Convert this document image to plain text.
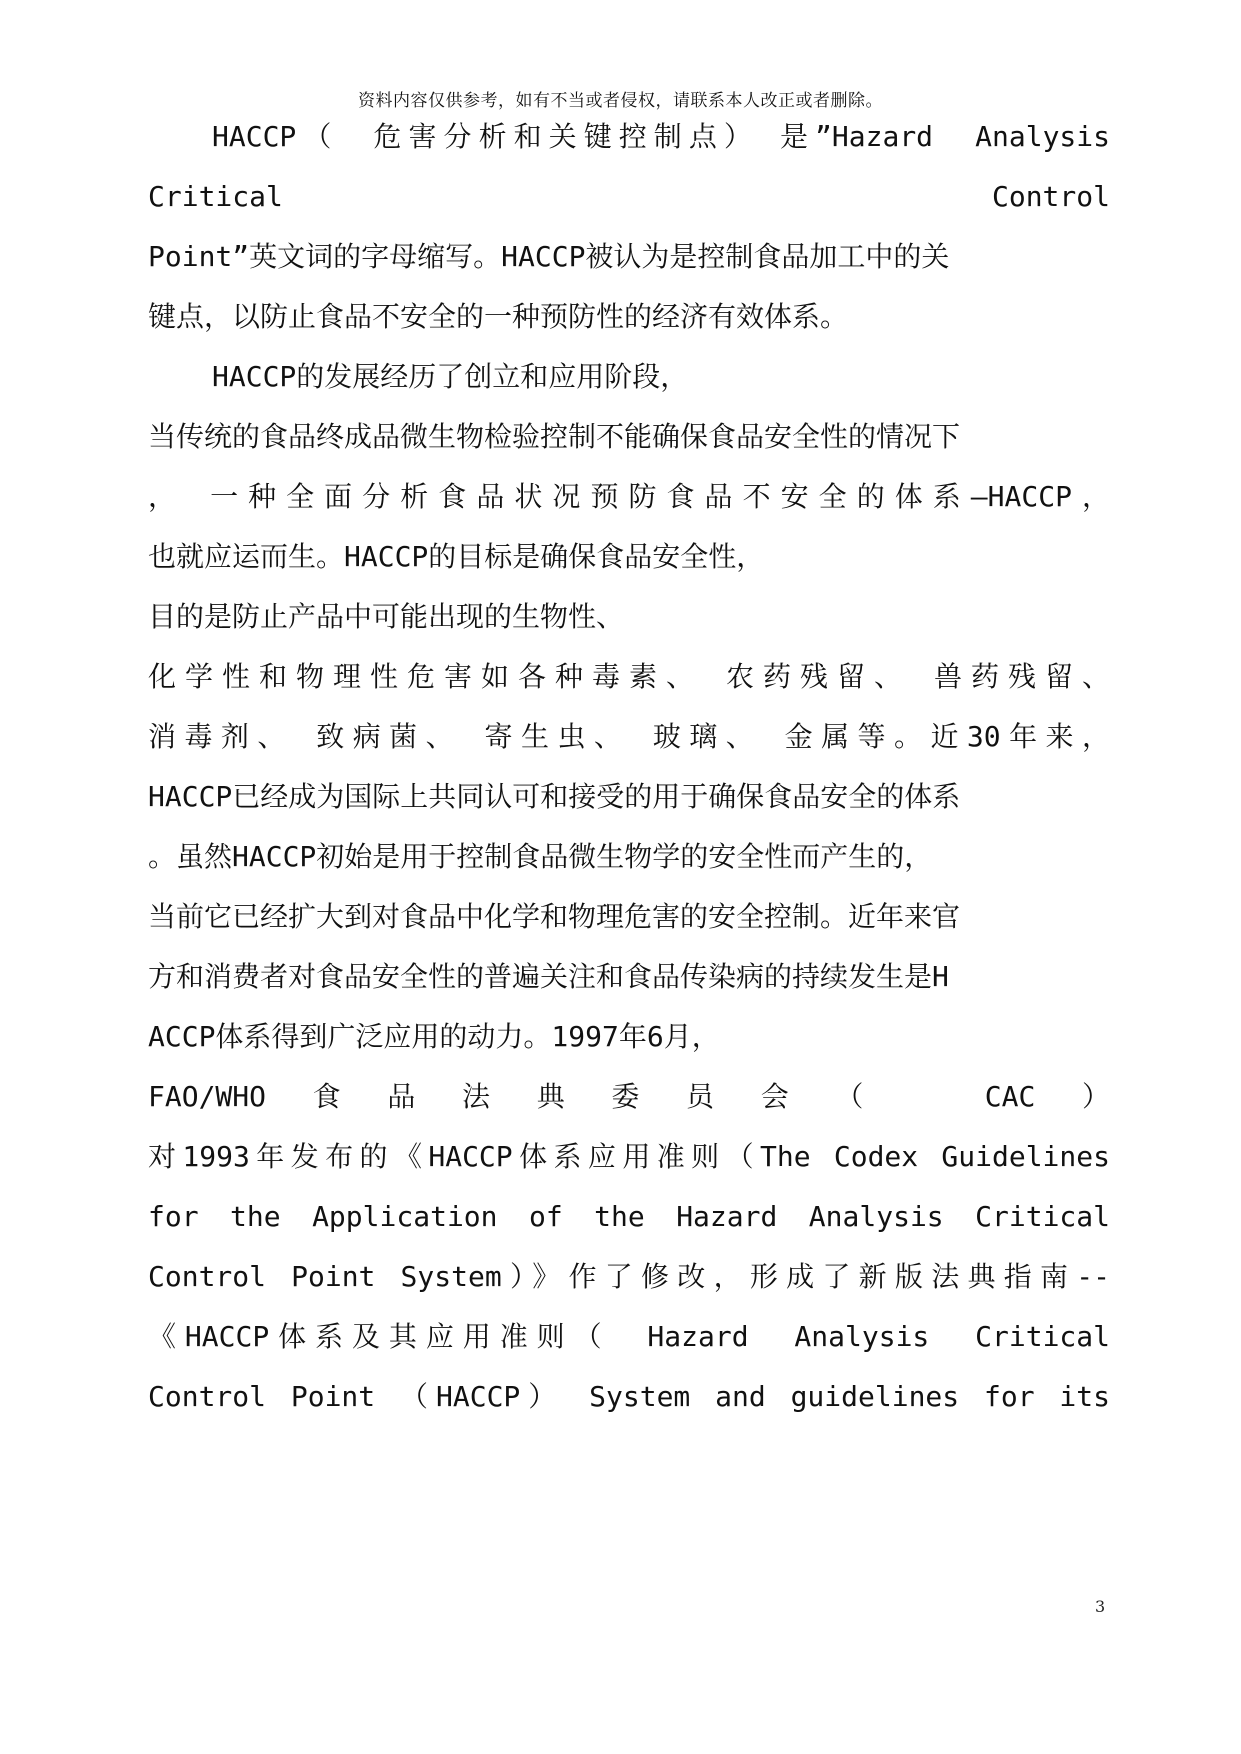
资料内容仅供参考，如有不当或者侵权，请联系本人改正或者删除。
HACCP（　危害分析和关键控制点）　是”Hazard　Analysis
Critical　Control
Point”英文词的字母缩写。HACCP被认为是控制食品加工中的关
键点，以防止食品不安全的一种预防性的经济有效体系。
HACCP的发展经历了创立和应用阶段，
当传统的食品终成品微生物检验控制不能确保食品安全性的情况下
，　一种全面分析食品状况预防食品不安全的体系—HACCP，
也就应运而生。HACCP的目标是确保食品安全性，
目的是防止产品中可能出现的生物性、
化学性和物理性危害如各种毒素、　农药残留、　兽药残留、
消毒剂、　致病菌、　寄生虫、　玻璃、　金属等。近30年来，
HACCP已经成为国际上共同认可和接受的用于确保食品安全的体系
。虽然HACCP初始是用于控制食品微生物学的安全性而产生的，
当前它已经扩大到对食品中化学和物理危害的安全控制。近年来官
方和消费者对食品安全性的普遍关注和食品传染病的持续发生是H
ACCP体系得到广泛应用的动力。1997年6月，
FAO/WHO食品法典委员会（　CAC）
对1993年发布的《HACCP体系应用准则（The Codex Guidelines
for the Application of the Hazard Analysis Critical
Control Point System）》作了修改，形成了新版法典指南--
《HACCP体系及其应用准则（　Hazard　Analysis　Critical
Control Point （HACCP） System and guidelines for its
3
